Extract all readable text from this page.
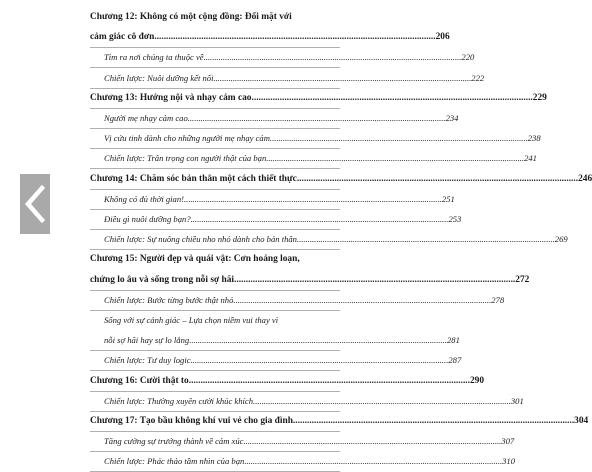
Chương 12: Không có một cộng đồng: Đối mặt với
cảm giác cô đơn .....	206
Tìm ra nơi chúng ta thuộc về .....	220
Chiến lược: Nuôi dưỡng kết nối .....	222
Chương 13: Hướng nội và nhạy cảm cao .....	229
Người mẹ nhạy cảm cao .....	234
Vị cứu tinh dành cho những người mẹ nhạy cảm .....	238
Chiến lược: Trân trọng con người thật của bạn .....	241
Chương 14: Chăm sóc bản thân một cách thiết thực .....	246
Không có đủ thời gian! .....	251
Điều gì nuôi dưỡng bạn? .....	253
Chiến lược: Sự nuông chiều nho nhỏ dành cho bản thân .....	269
Chương 15: Người đẹp và quái vật: Cơn hoảng loạn,
chứng lo âu và sống trong nỗi sợ hãi .....	272
Chiến lược: Bước từng bước thật nhỏ .....	278
Sống với sự cảnh giác – Lựa chọn niềm vui thay vì
nỗi sợ hãi hay sự lo lắng .....	281
Chiến lược: Tư duy logic .....	287
Chương 16: Cười thật to .....	290
Chiến lược: Thường xuyên cười khúc khích .....	301
Chương 17: Tạo bầu không khí vui vẻ cho gia đình .....	304
Tăng cường sự trưởng thành về cảm xúc .....	307
Chiến lược: Phác thảo tầm nhìn của bạn .....	310
